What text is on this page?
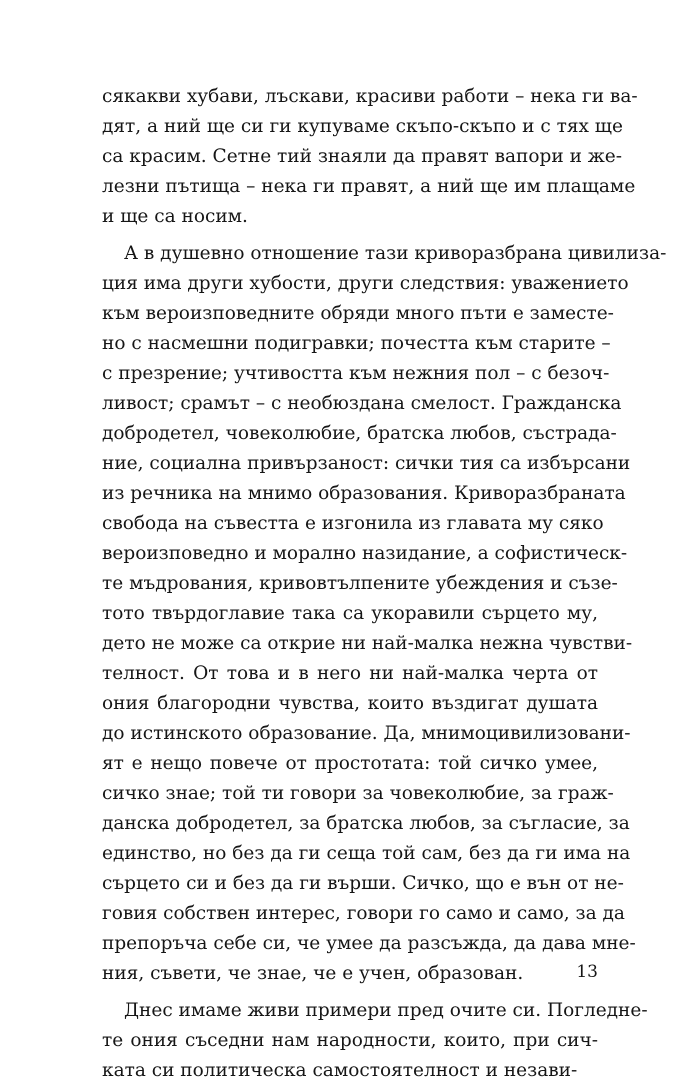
сякакви хубави, лъскави, красиви работи – нека ги ва-
дят, а ний ще си ги купуваме скъпо-скъпо и с тях ще
са красим. Сетне тий знаяли да правят вапори и же-
лезни пътища – нека ги правят, а ний ще им плащаме
и ще са носим.
А в душевно отношение тази криворазбрана цивилиза-
ция има други хубости, други следствия: уважението
към вероизповедните обряди много пъти е заместе-
но с насмешни подигравки; почестта към старите –
с презрение; учтивостта към нежния пол – с безоч-
ливост; срамът – с необюздана смелост. Гражданска
добродетел, човеколюбие, братска любов, състрада-
ние, социална привързаност: сички тия са избърсани
из речника на мнимо образования. Криворазбраната
свобода на съвестта е изгонила из главата му сяко
вероизповедно и морално назидание, а софистическ-
те мъдрования, кривовтълпените убеждения и съзе-
тото твърдоглавие така са укоравили сърцето му,
дето не може са открие ни най-малка нежна чувстви-
телност. От това и в него ни най-малка черта от
ония благородни чувства, които въздигат душата
до истинското образование. Да, мнимоцивилизовани-
ят е нещо повече от простотата: той сичко умее,
сичко знае; той ти говори за човеколюбие, за граж-
данска добродетел, за братска любов, за съгласие, за
единство, но без да ги сеща той сам, без да ги има на
сърцето си и без да ги върши. Сичко, що е вън от не-
говия собствен интерес, говори го само и само, за да
препоръча себе си, че умее да разсъжда, да дава мне-
ния, съвети, че знае, че е учен, образован.
Днес имаме живи примери пред очите си. Погледне-
те ония съседни нам народности, които, при сич-
ката си политическа самостоятелност и незави-
13
